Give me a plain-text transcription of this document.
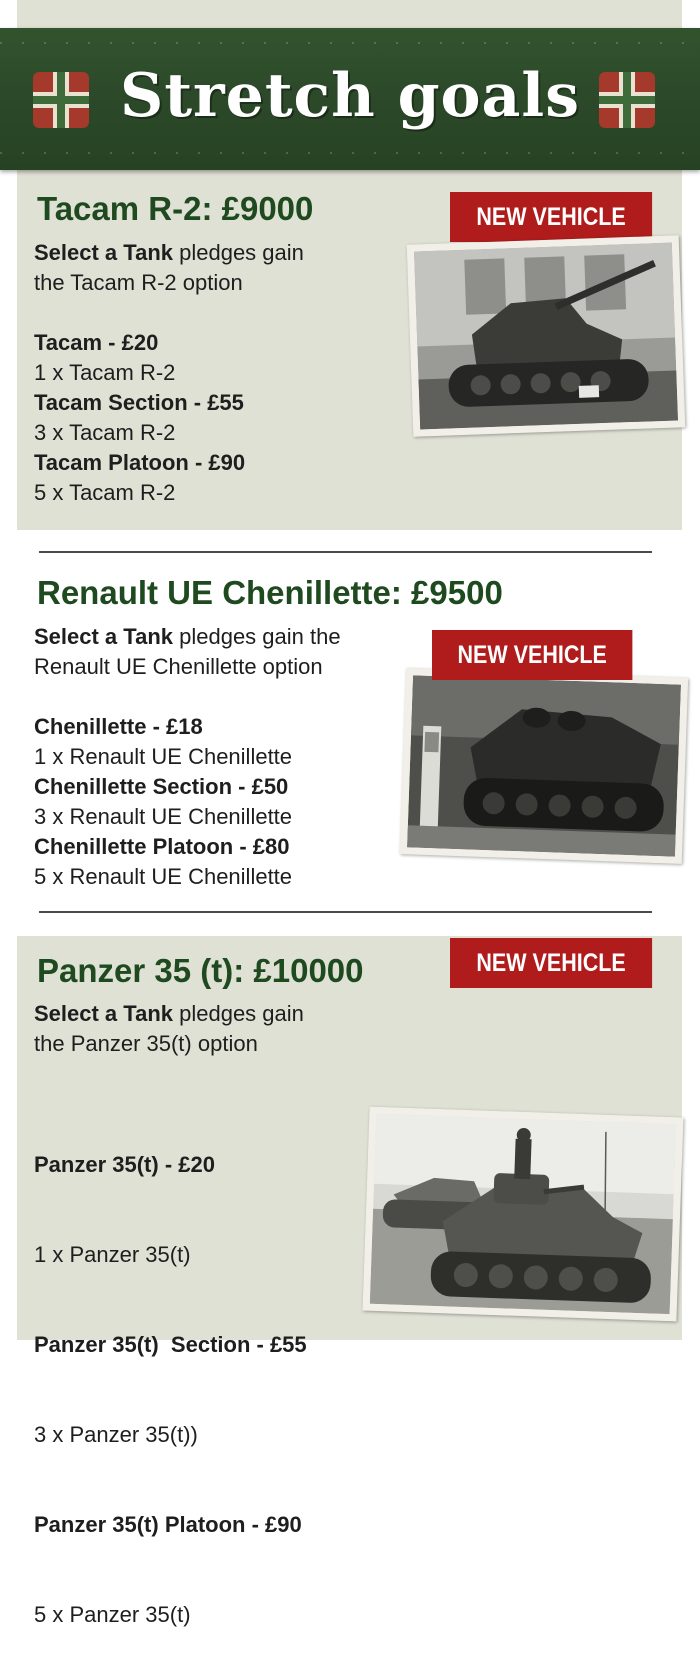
Stretch goals
Tacam R-2: £9000	NEW VEHICLE
Select a Tank pledges gain
the Tacam R-2 option
Tacam - £20
1 x Tacam R-2
Tacam Section - £55
3 x Tacam R-2
Tacam Platoon - £90
5 x Tacam R-2
Renault UE Chenillette: £9500
Select a Tank pledges gain the
Renault UE Chenillette option
Chenillette - £18
1 x Renault UE Chenillette
Chenillette Section - £50
3 x Renault UE Chenillette
Chenillette Platoon - £80
5 x Renault UE Chenillette
NEW VEHICLE
Panzer 35 (t): £10000	NEW VEHICLE
Select a Tank pledges gain
the Panzer 35(t) option

Panzer 35(t) - £20

1 x Panzer 35(t)

Panzer 35(t)  Section - £55

3 x Panzer 35(t))

Panzer 35(t) Platoon - £90

5 x Panzer 35(t)
